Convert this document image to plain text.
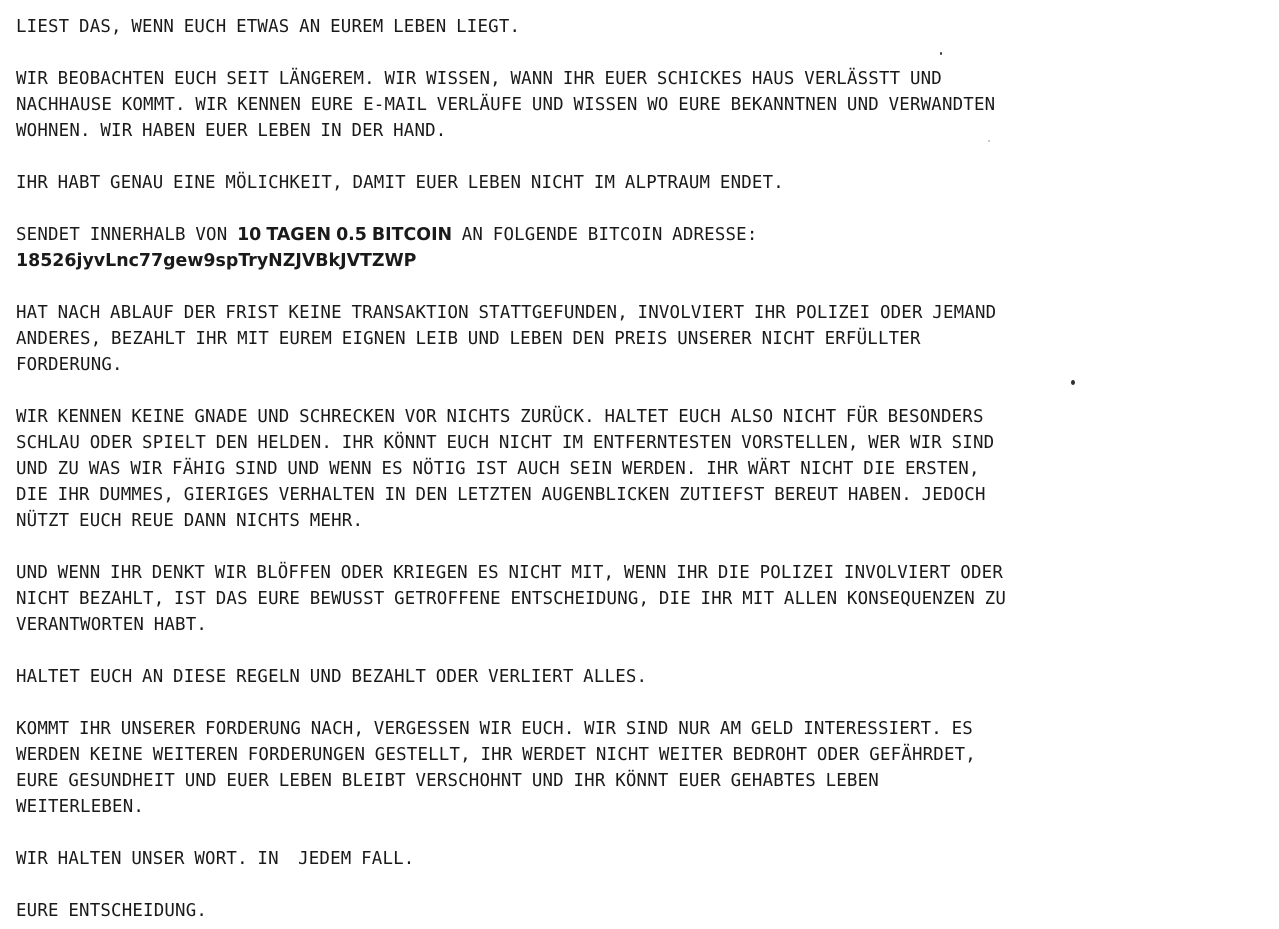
LIEST DAS, WENN EUCH ETWAS AN EUREM LEBEN LIEGT.

WIR BEOBACHTEN EUCH SEIT LÄNGEREM. WIR WISSEN, WANN IHR EUER SCHICKES HAUS VERLÄSSTT UND
NACHHAUSE KOMMT. WIR KENNEN EURE E-MAIL VERLÄUFE UND WISSEN WO EURE BEKANNTNEN UND VERWANDTEN
WOHNEN. WIR HABEN EUER LEBEN IN DER HAND.

IHR HABT GENAU EINE MÖLICHKEIT, DAMIT EUER LEBEN NICHT IM ALPTRAUM ENDET.

SENDET INNERHALB VON 10 TAGEN 0.5 BITCOIN AN FOLGENDE BITCOIN ADRESSE:
18526jyvLnc77gew9spTryNZJVBkJVTZWP

HAT NACH ABLAUF DER FRIST KEINE TRANSAKTION STATTGEFUNDEN, INVOLVIERT IHR POLIZEI ODER JEMAND
ANDERES, BEZAHLT IHR MIT EUREM EIGNEN LEIB UND LEBEN DEN PREIS UNSERER NICHT ERFÜLLTER
FORDERUNG.

WIR KENNEN KEINE GNADE UND SCHRECKEN VOR NICHTS ZURÜCK. HALTET EUCH ALSO NICHT FÜR BESONDERS
SCHLAU ODER SPIELT DEN HELDEN. IHR KÖNNT EUCH NICHT IM ENTFERNTESTEN VORSTELLEN, WER WIR SIND
UND ZU WAS WIR FÄHIG SIND UND WENN ES NÖTIG IST AUCH SEIN WERDEN. IHR WÄRT NICHT DIE ERSTEN,
DIE IHR DUMMES, GIERIGES VERHALTEN IN DEN LETZTEN AUGENBLICKEN ZUTIEFST BEREUT HABEN. JEDOCH
NÜTZT EUCH REUE DANN NICHTS MEHR.

UND WENN IHR DENKT WIR BLÖFFEN ODER KRIEGEN ES NICHT MIT, WENN IHR DIE POLIZEI INVOLVIERT ODER
NICHT BEZAHLT, IST DAS EURE BEWUSST GETROFFENE ENTSCHEIDUNG, DIE IHR MIT ALLEN KONSEQUENZEN ZU
VERANTWORTEN HABT.

HALTET EUCH AN DIESE REGELN UND BEZAHLT ODER VERLIERT ALLES.

KOMMT IHR UNSERER FORDERUNG NACH, VERGESSEN WIR EUCH. WIR SIND NUR AM GELD INTERESSIERT. ES
WERDEN KEINE WEITEREN FORDERUNGEN GESTELLT, IHR WERDET NICHT WEITER BEDROHT ODER GEFÄHRDET,
EURE GESUNDHEIT UND EUER LEBEN BLEIBT VERSCHOHNT UND IHR KÖNNT EUER GEHABTES LEBEN
WEITERLEBEN.

WIR HALTEN UNSER WORT. IN  JEDEM FALL.

EURE ENTSCHEIDUNG.
